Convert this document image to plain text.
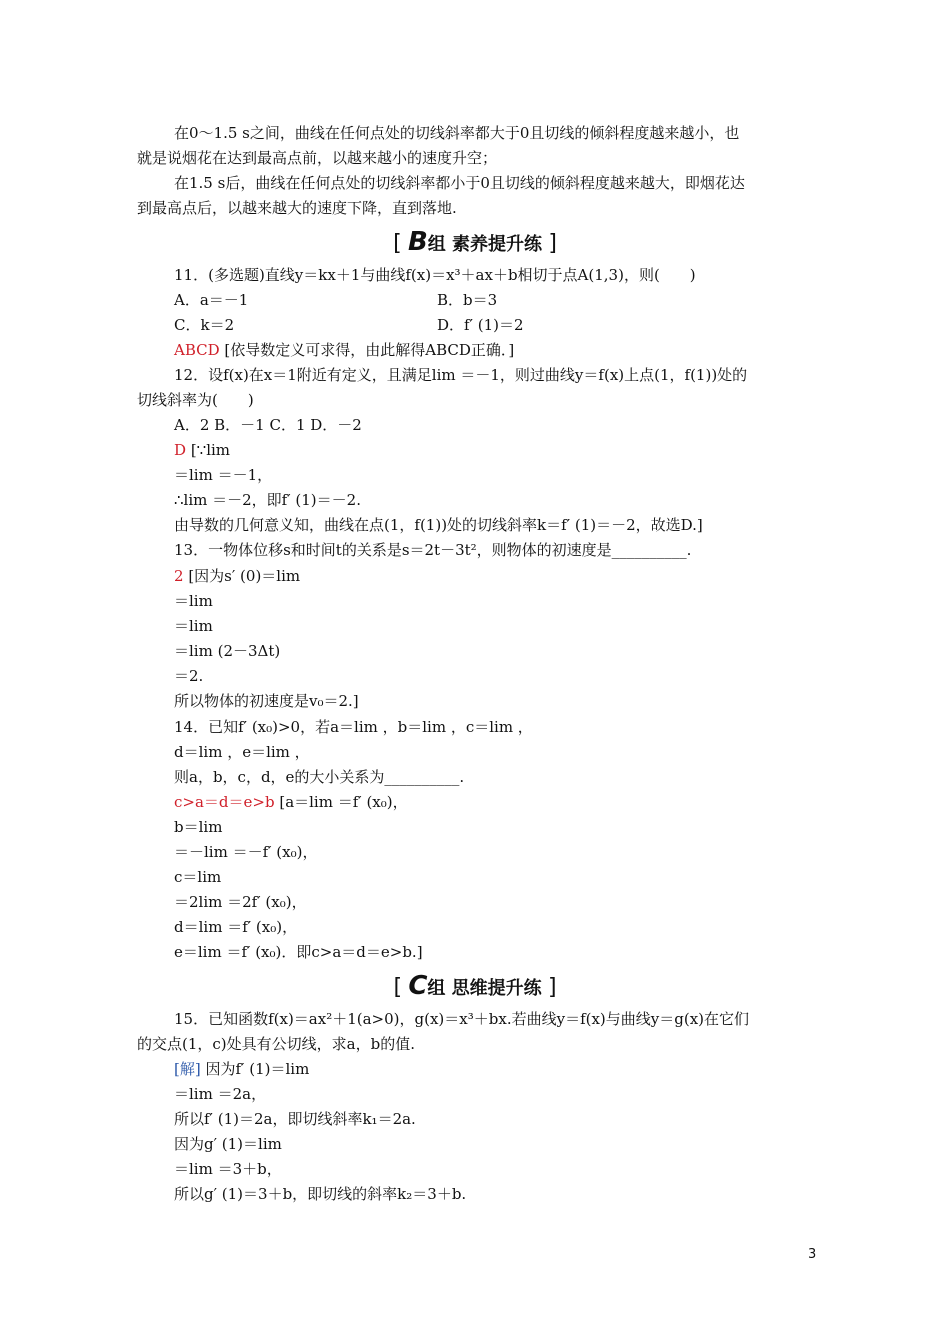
在0～1.5 s之间，曲线在任何点处的切线斜率都大于0且切线的倾斜程度越来越小，也
就是说烟花在达到最高点前，以越来越小的速度升空；
在1.5 s后，曲线在任何点处的切线斜率都小于0且切线的倾斜程度越来越大，即烟花达
到最高点后，以越来越大的速度下降，直到落地.
[ B组 素养提升练 ]
11．(多选题)直线y＝kx＋1与曲线f(x)＝x³＋ax＋b相切于点A(1,3)，则(　　)
A．a＝－1	B．b＝3
C．k＝2	D．f′ (1)＝2
ABCD [依导数定义可求得，由此解得ABCD正确．]
12．设f(x)在x＝1附近有定义，且满足lim ＝－1，则过曲线y＝f(x)上点(1，f(1))处的
切线斜率为(　　)
A．2 B．－1 C．1 D．－2
D [∵lim
＝lim ＝－1，
∴lim ＝－2，即f′ (1)＝－2.
由导数的几何意义知，曲线在点(1，f(1))处的切线斜率k＝f′ (1)＝－2，故选D.]
13．一物体位移s和时间t的关系是s＝2t－3t²，则物体的初速度是__________.
2 [因为s′ (0)＝lim
＝lim
＝lim
＝lim (2－3Δt)
＝2.
所以物体的初速度是v₀＝2.]
14．已知f′ (x₀)>0，若a＝lim ，b＝lim ，c＝lim ，
d＝lim ，e＝lim ，
则a，b，c，d，e的大小关系为__________.
c>a＝d＝e>b [a＝lim ＝f′ (x₀)，
b＝lim
＝－lim ＝－f′ (x₀)，
c＝lim
＝2lim ＝2f′ (x₀)，
d＝lim ＝f′ (x₀)，
e＝lim ＝f′ (x₀)．即c>a＝d＝e>b.]
[ C组 思维提升练 ]
15．已知函数f(x)＝ax²＋1(a>0)，g(x)＝x³＋bx.若曲线y＝f(x)与曲线y＝g(x)在它们
的交点(1，c)处具有公切线，求a，b的值.
[解] 因为f′ (1)＝lim
＝lim ＝2a，
所以f′ (1)＝2a，即切线斜率k₁＝2a.
因为g′ (1)＝lim
＝lim ＝3＋b，
所以g′ (1)＝3＋b，即切线的斜率k₂＝3＋b.
3
